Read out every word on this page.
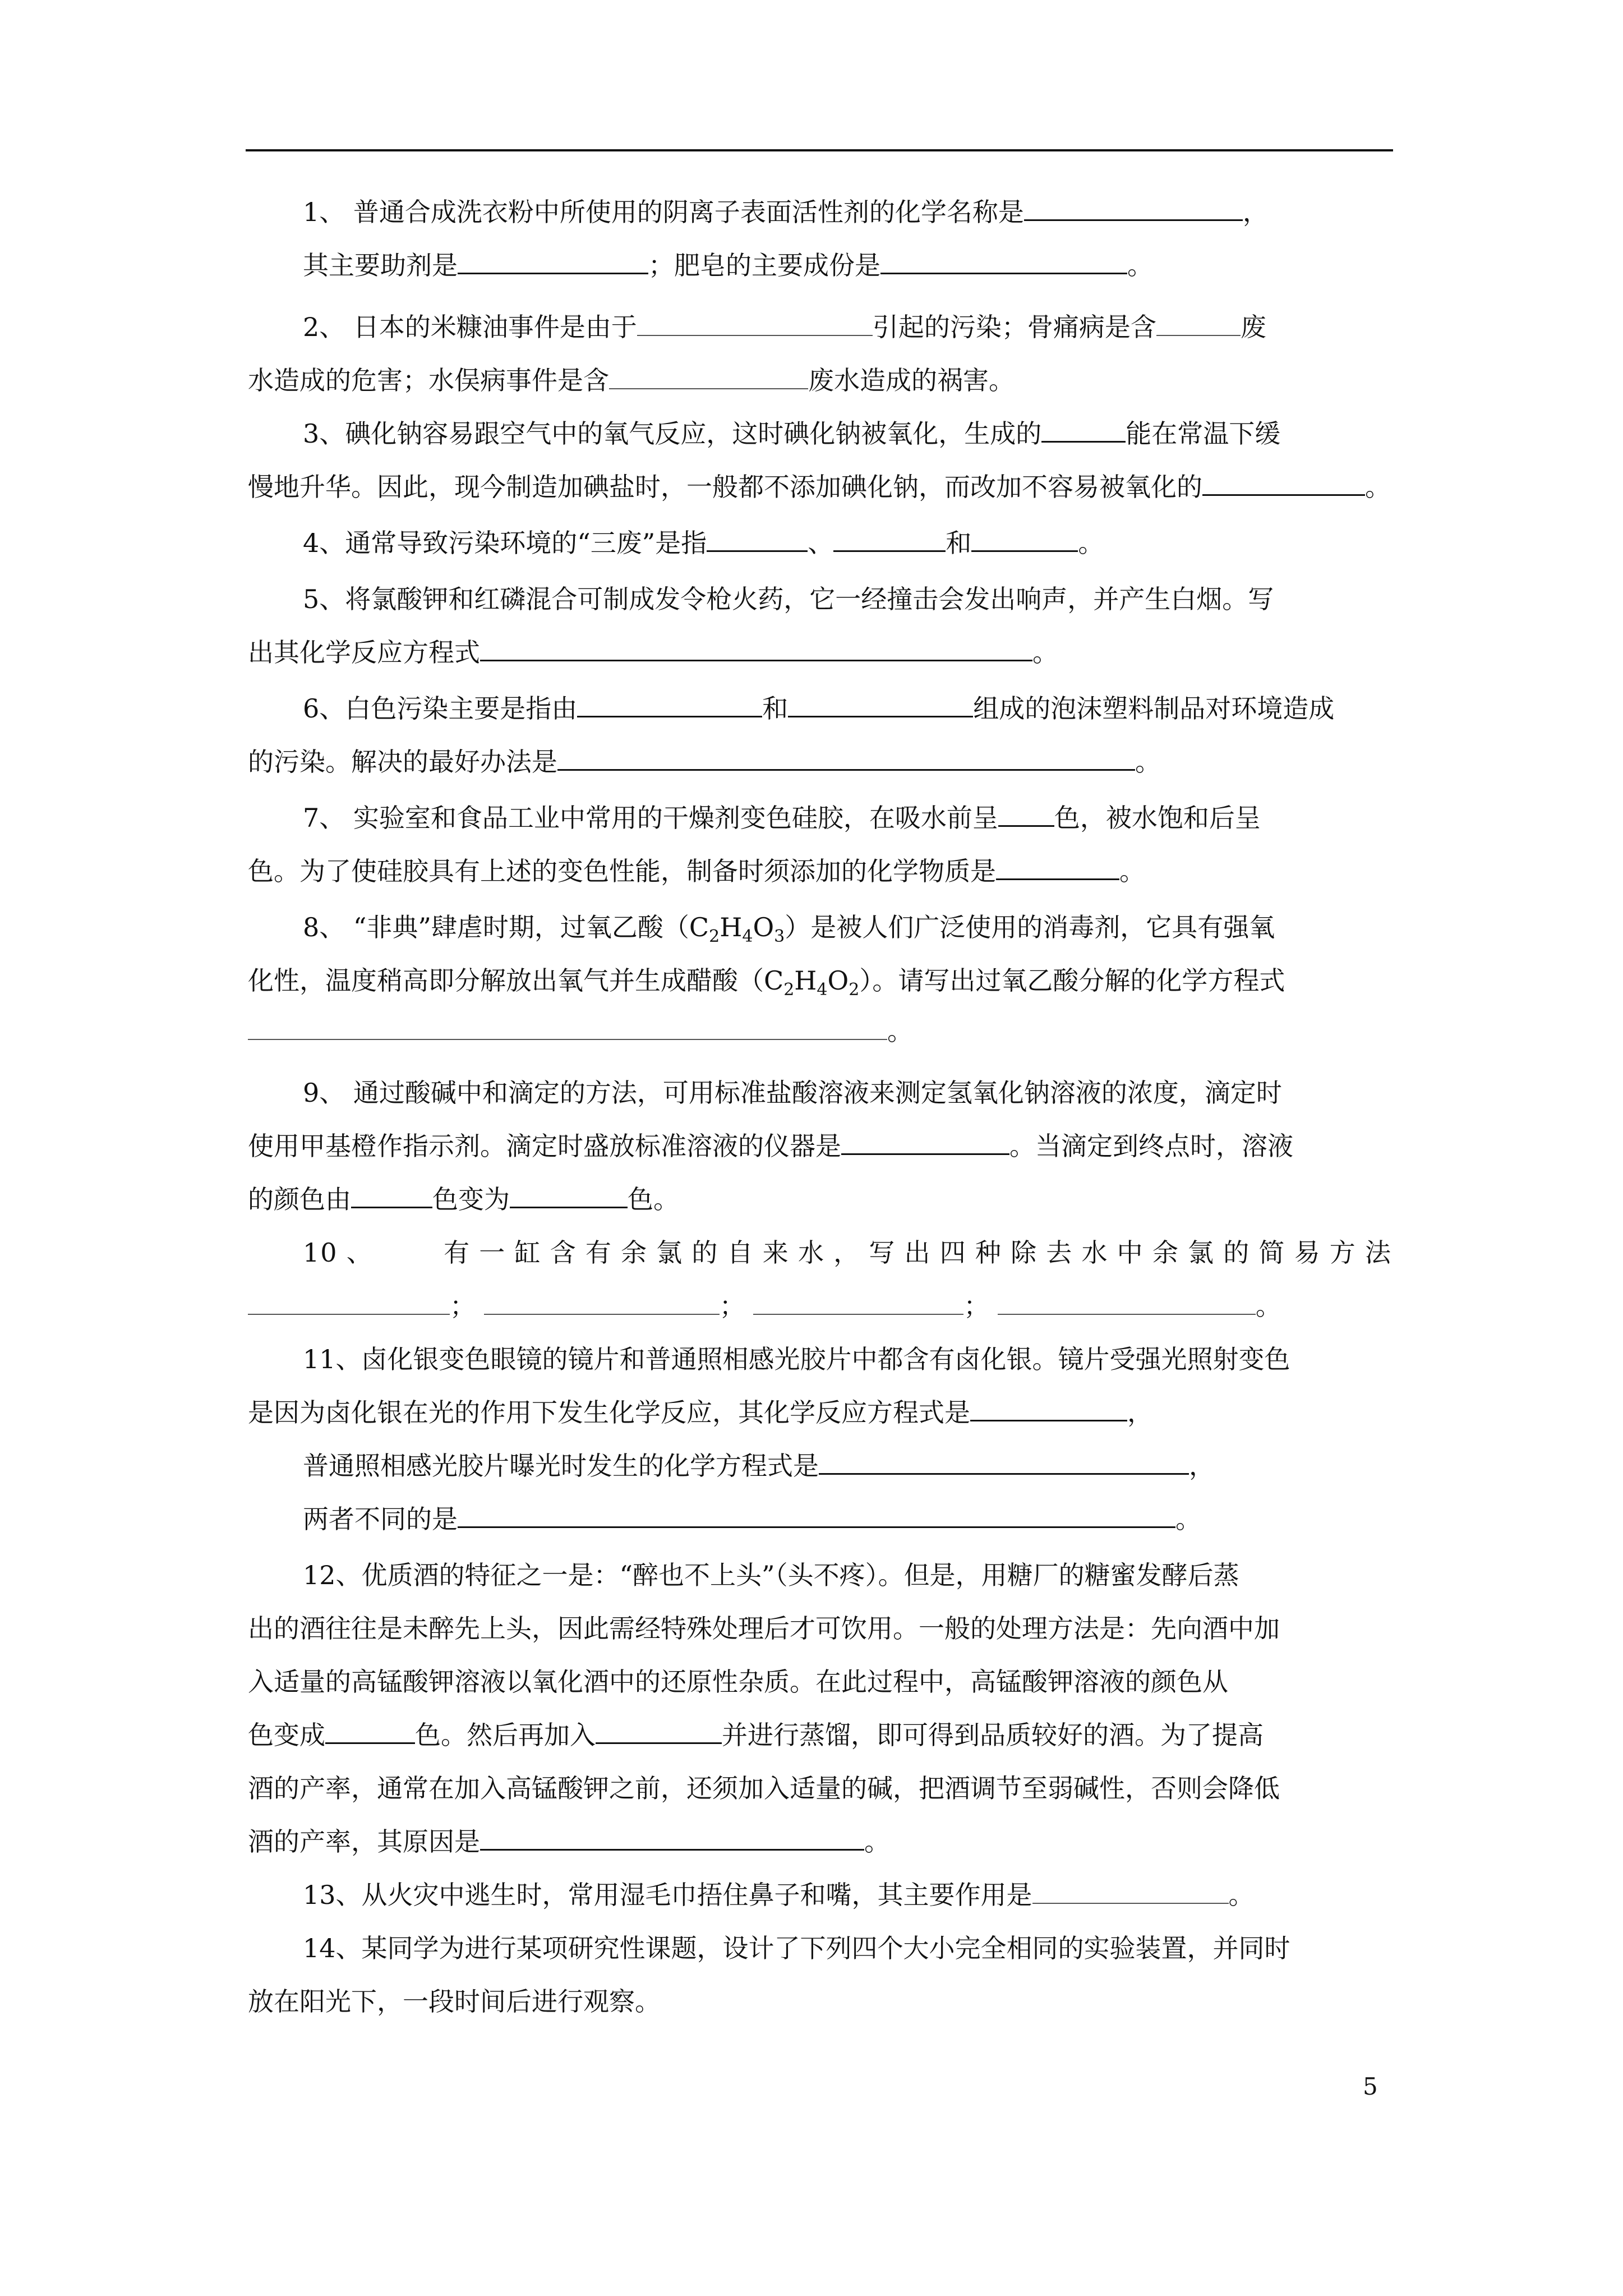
1、 普通合成洗衣粉中所使用的阴离子表面活性剂的化学名称是	，
其主要助剂是	；肥皂的主要成份是	。
2、 日本的米糠油事件是由于	引起的污染；骨痛病是含	废
水造成的危害；水俣病事件是含	废水造成的祸害。
3、碘化钠容易跟空气中的氧气反应，这时碘化钠被氧化，生成的	能在常温下缓
慢地升华。因此，现今制造加碘盐时，一般都不添加碘化钠，而改加不容易被氧化的	。
4、通常导致污染环境的“三废”是指	、	和	。
5、将氯酸钾和红磷混合可制成发令枪火药，它一经撞击会发出响声，并产生白烟。写
出其化学反应方程式	。
6、白色污染主要是指由	和	组成的泡沫塑料制品对环境造成
的污染。解决的最好办法是	。
7、 实验室和食品工业中常用的干燥剂变色硅胶，在吸水前呈 色，被水饱和后呈
色。为了使硅胶具有上述的变色性能，制备时须添加的化学物质是	。
8、 “非典”肆虐时期，过氧乙酸$(C_2H_4O_3)$是被人们广泛使用的消毒剂，它具有强氧
化性，温度稍高即分解放出氧气并生成醋酸$(C_2H_4O_2)$。请写出过氧乙酸分解的化学方程式
。
9、 通过酸碱中和滴定的方法，可用标准盐酸溶液来测定氢氧化钠溶液的浓度，滴定时
使用甲基橙作指示剂。滴定时盛放标准溶液的仪器是	。当滴定到终点时，溶液
的颜色由	色变为	色。
10、 有一缸含有余氯的自来水，写出四种除去水中余氯的简易方法
；	；	；	。
11、卤化银变色眼镜的镜片和普通照相感光胶片中都含有卤化银。镜片受强光照射变色
是因为卤化银在光的作用下发生化学反应，其化学反应方程式是	，
普通照相感光胶片曝光时发生的化学方程式是	，
两者不同的是	。
12、优质酒的特征之一是：“醉也不上头”（头不疼）。但是，用糖厂的糖蜜发酵后蒸
出的酒往往是未醉先上头，因此需经特殊处理后才可饮用。一般的处理方法是：先向酒中加
入适量的高锰酸钾溶液以氧化酒中的还原性杂质。在此过程中，高锰酸钾溶液的颜色从
色变成	色。然后再加入	并进行蒸馏，即可得到品质较好的酒。为了提高
酒的产率，通常在加入高锰酸钾之前，还须加入适量的碱，把酒调节至弱碱性，否则会降低
酒的产率，其原因是	。
13、从火灾中逃生时，常用湿毛巾捂住鼻子和嘴，其主要作用是	。
14、某同学为进行某项研究性课题，设计了下列四个大小完全相同的实验装置，并同时
放在阳光下，一段时间后进行观察。
5
